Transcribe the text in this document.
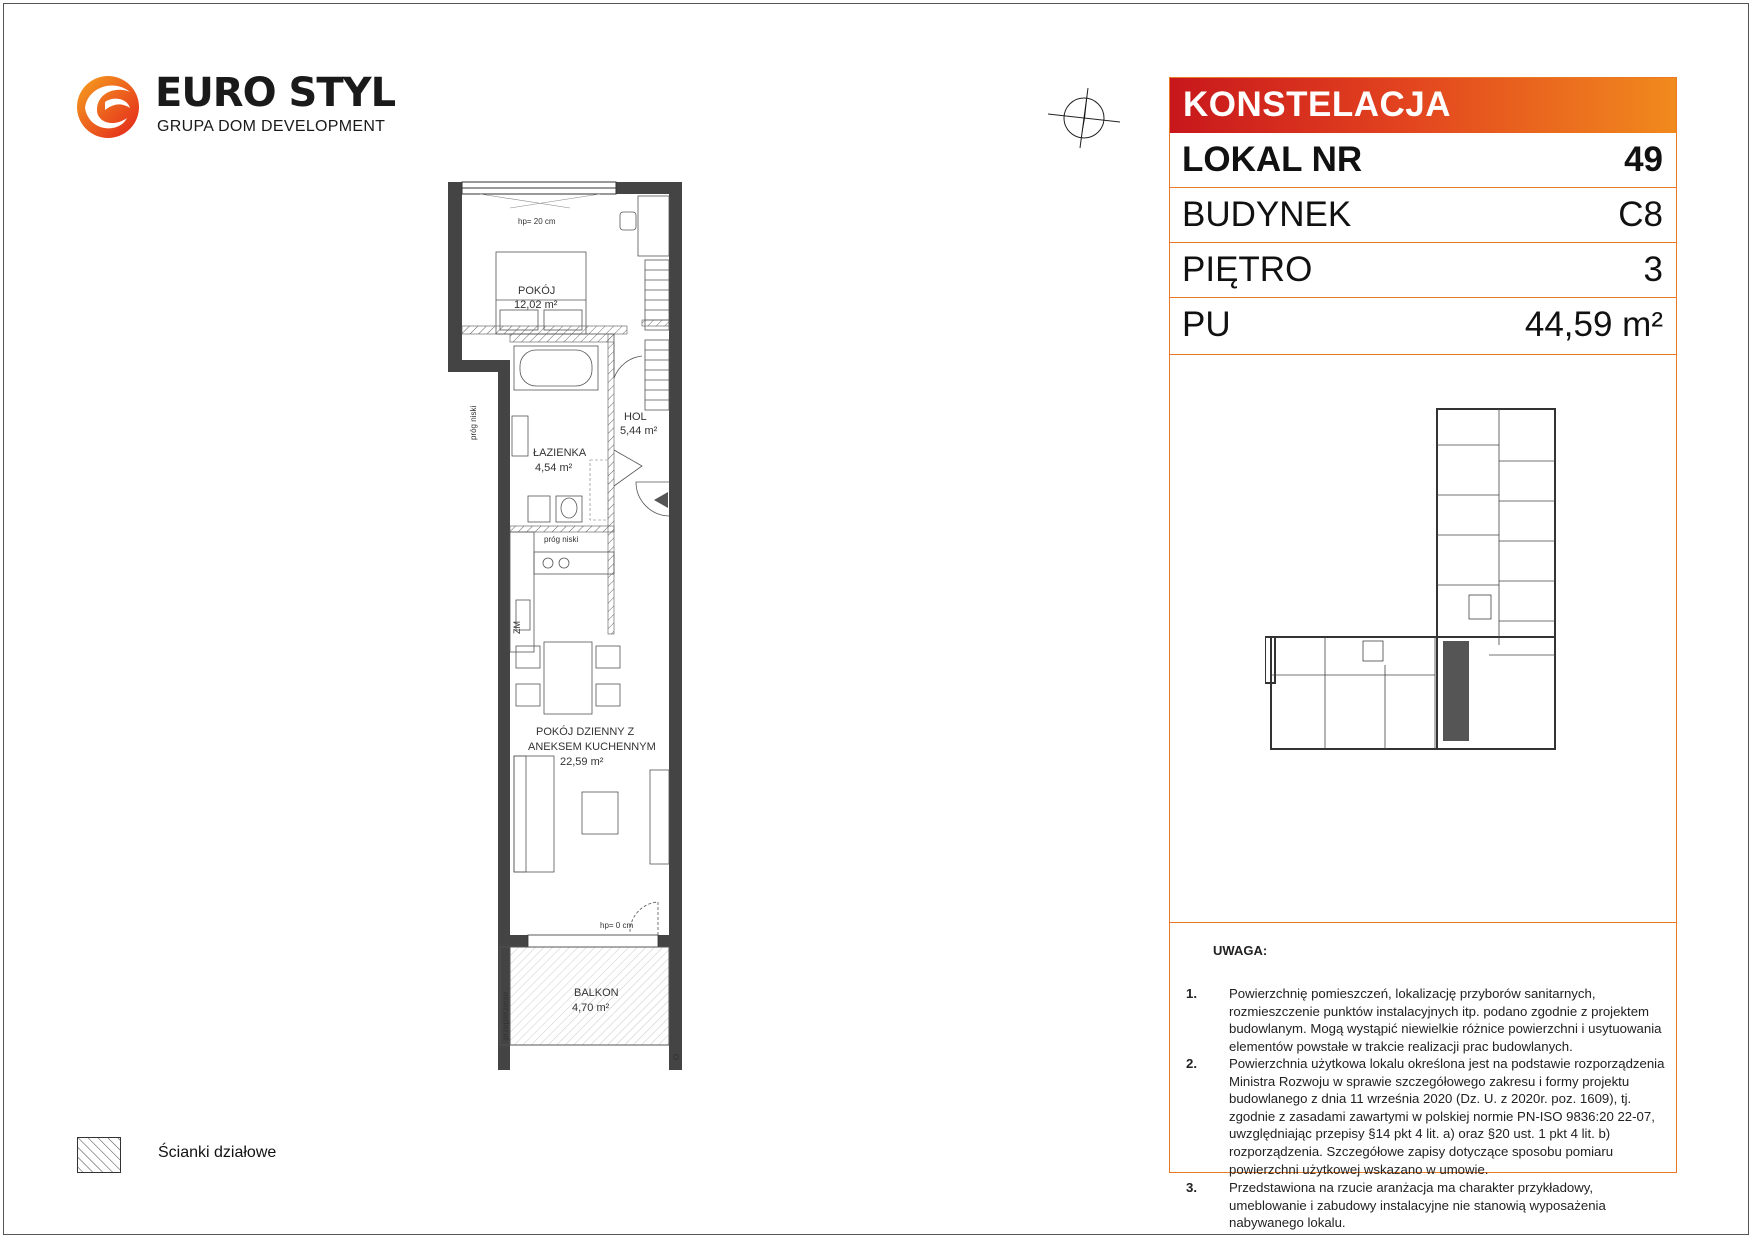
EURO STYL
GRUPA DOM DEVELOPMENT
hp= 20 cm
POKÓJ
12,02 m²
ŁAZIENKA
4,54 m²
próg niski
próg niski
HOL
5,44 m²
ZM
POKÓJ DZIENNY Z
ANEKSEM KUCHENNYM
22,59 m²
hp= 0 cm
BALKON
4,70 m²
przepierzenie
KONSTELACJA
LOKAL NR	49
BUDYNEK	C8
PIĘTRO	3
PU	44,59 m²
UWAGA:
1. Powierzchnię pomieszczeń, lokalizację przyborów sanitarnych, rozmieszczenie punktów instalacyjnych itp. podano zgodnie z projektem budowlanym. Mogą wystąpić niewielkie różnice powierzchni i usytuowania elementów powstałe w trakcie realizacji prac budowlanych.
2. Powierzchnia użytkowa lokalu określona jest na podstawie rozporządzenia Ministra Rozwoju w sprawie szczegółowego zakresu i formy projektu budowlanego z dnia 11 września 2020 (Dz. U. z 2020r. poz. 1609), tj. zgodnie z zasadami zawartymi w polskiej normie PN-ISO 9836:20 22-07, uwzględniając przepisy §14 pkt 4 lit. a) oraz §20 ust. 1 pkt 4 lit. b) rozporządzenia. Szczegółowe zapisy dotyczące sposobu pomiaru powierzchni użytkowej wskazano w umowie.
3. Przedstawiona na rzucie aranżacja ma charakter przykładowy, umeblowanie i zabudowy instalacyjne nie stanowią wyposażenia nabywanego lokalu.
Ścianki działowe
